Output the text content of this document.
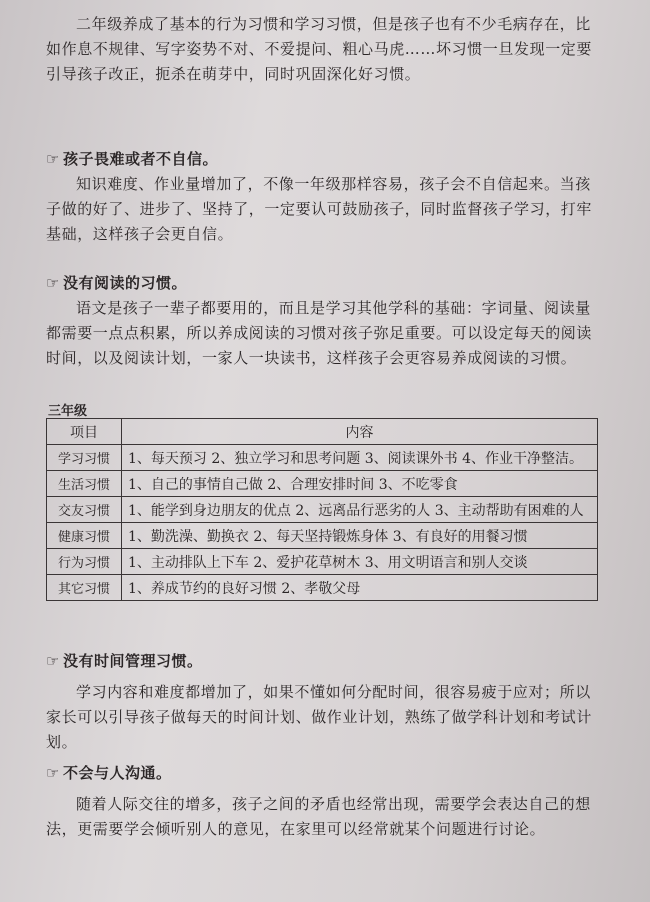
二年级养成了基本的行为习惯和学习习惯，但是孩子也有不少毛病存在，比如作息不规律、写字姿势不对、不爱提问、粗心马虎……坏习惯一旦发现一定要引导孩子改正，扼杀在萌芽中，同时巩固深化好习惯。

☞ 孩子畏难或者不自信。

知识难度、作业量增加了，不像一年级那样容易，孩子会不自信起来。当孩子做的好了、进步了、坚持了，一定要认可鼓励孩子，同时监督孩子学习，打牢基础，这样孩子会更自信。

☞ 没有阅读的习惯。

语文是孩子一辈子都要用的，而且是学习其他学科的基础：字词量、阅读量都需要一点点积累，所以养成阅读的习惯对孩子弥足重要。可以设定每天的阅读时间，以及阅读计划，一家人一块读书，这样孩子会更容易养成阅读的习惯。

三年级
项目	内容
学习习惯	1、每天预习 2、独立学习和思考问题 3、阅读课外书 4、作业干净整洁。
生活习惯	1、自己的事情自己做 2、合理安排时间 3、不吃零食
交友习惯	1、能学到身边朋友的优点 2、远离品行恶劣的人 3、主动帮助有困难的人
健康习惯	1、勤洗澡、勤换衣 2、每天坚持锻炼身体 3、有良好的用餐习惯
行为习惯	1、主动排队上下车 2、爱护花草树木 3、用文明语言和别人交谈
其它习惯	1、养成节约的良好习惯 2、孝敬父母
☞ 没有时间管理习惯。

学习内容和难度都增加了，如果不懂如何分配时间，很容易疲于应对；所以家长可以引导孩子做每天的时间计划、做作业计划，熟练了做学科计划和考试计划。

☞ 不会与人沟通。

随着人际交往的增多，孩子之间的矛盾也经常出现，需要学会表达自己的想法，更需要学会倾听别人的意见，在家里可以经常就某个问题进行讨论。
